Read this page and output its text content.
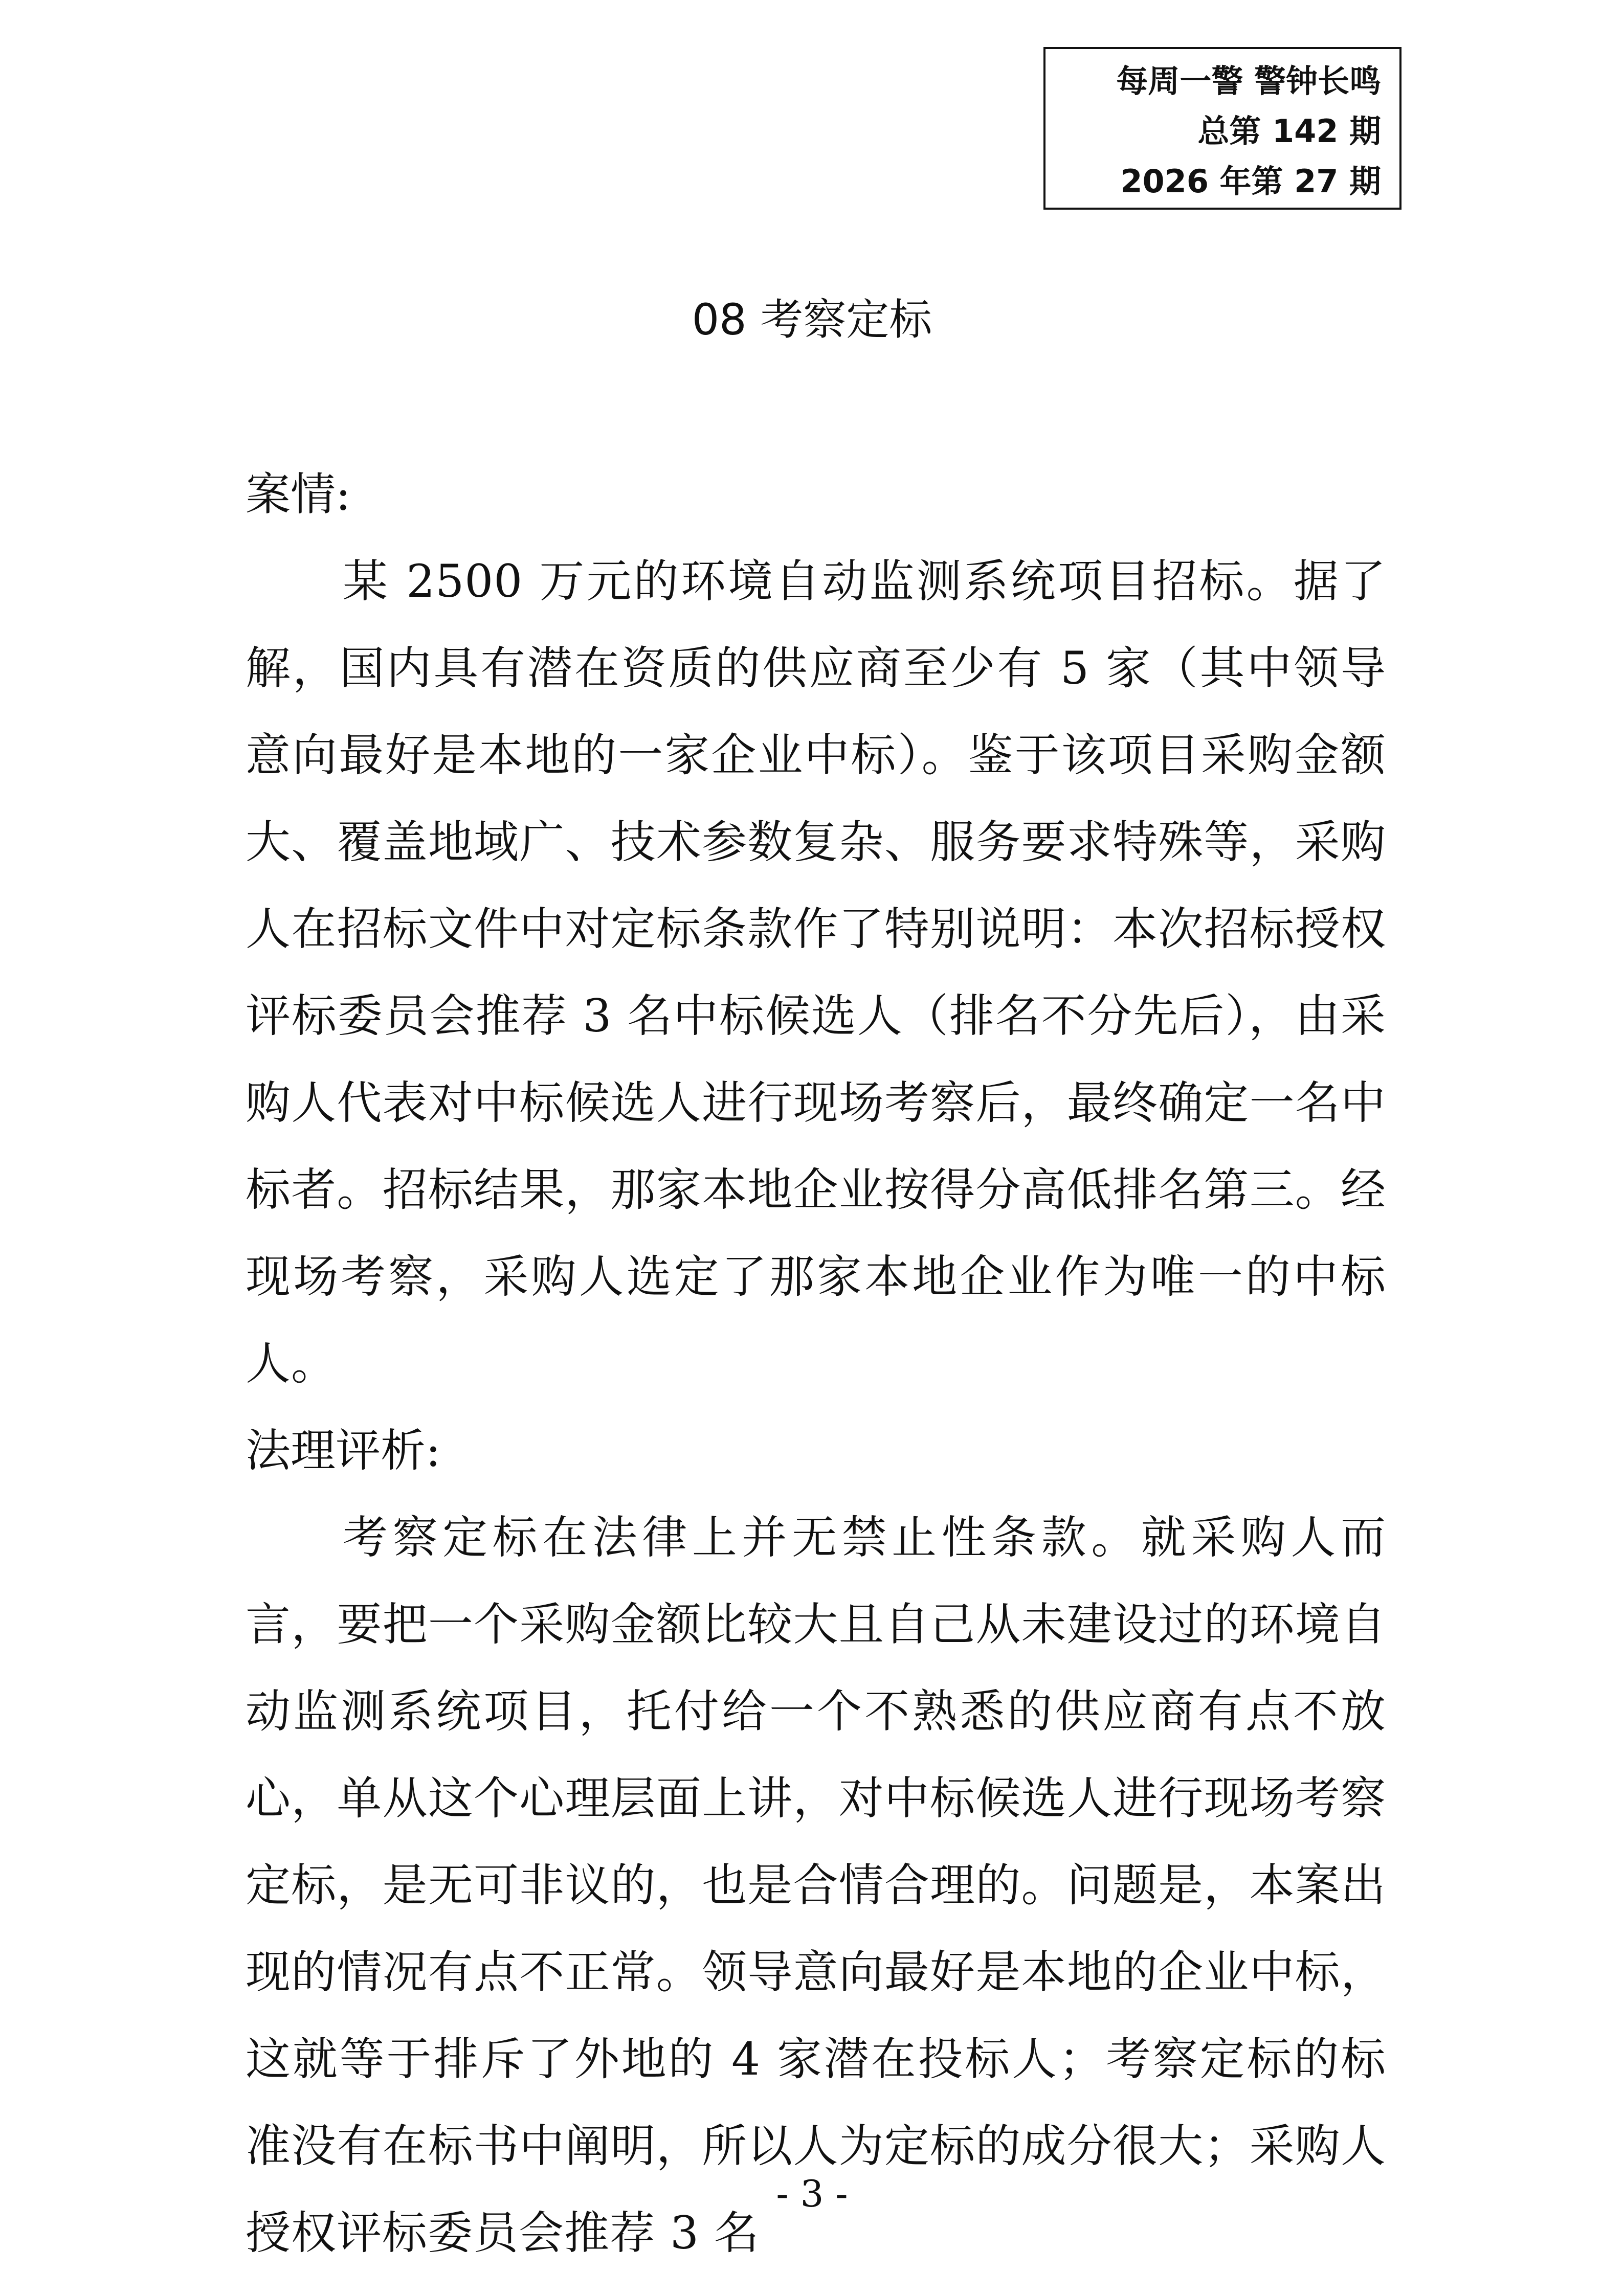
每周一警 警钟长鸣
总第 142 期
2026 年第 27 期
08 考察定标

案情:

某 2500 万元的环境自动监测系统项目招标。据了解，国内具有潜在资质的供应商至少有 5 家（其中领导意向最好是本地的一家企业中标）。鉴于该项目采购金额大、覆盖地域广、技术参数复杂、服务要求特殊等，采购人在招标文件中对定标条款作了特别说明：本次招标授权评标委员会推荐 3 名中标候选人（排名不分先后），由采购人代表对中标候选人进行现场考察后，最终确定一名中标者。招标结果，那家本地企业按得分高低排名第三。经现场考察，采购人选定了那家本地企业作为唯一的中标人。

法理评析:

考察定标在法律上并无禁止性条款。就采购人而言，要把一个采购金额比较大且自己从未建设过的环境自动监测系统项目，托付给一个不熟悉的供应商有点不放心，单从这个心理层面上讲，对中标候选人进行现场考察定标，是无可非议的，也是合情合理的。问题是，本案出现的情况有点不正常。领导意向最好是本地的企业中标，这就等于排斥了外地的 4 家潜在投标人；考察定标的标准没有在标书中阐明，所以人为定标的成分很大；采购人授权评标委员会推荐 3 名

- 3 -
